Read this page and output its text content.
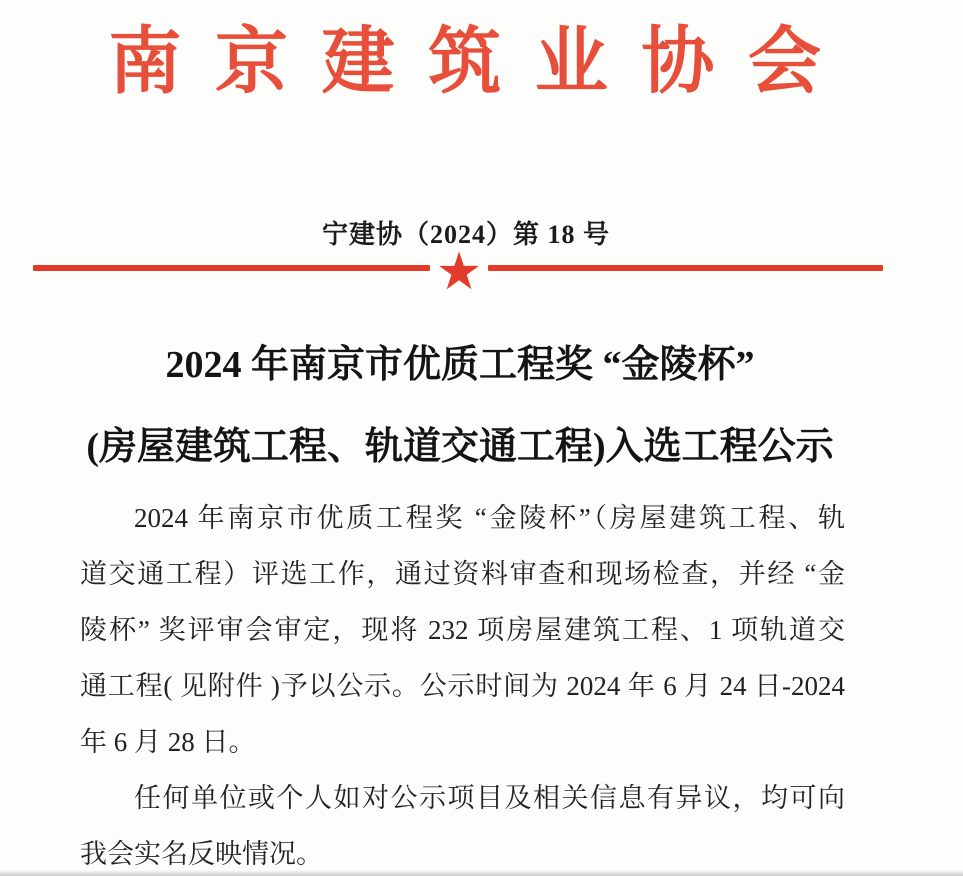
南京建筑业协会
宁建协（2024）第 18 号
★
2024 年南京市优质工程奖 “金陵杯”
(房屋建筑工程、轨道交通工程)入选工程公示
2024 年南京市优质工程奖 “金陵杯”（房屋建筑工程、轨
道交通工程）评选工作，通过资料审查和现场检查，并经 “金
陵杯” 奖评审会审定，现将 232 项房屋建筑工程、1 项轨道交
通工程( 见附件 )予以公示。公示时间为 2024 年 6 月 24 日-2024
年 6 月 28 日。
任何单位或个人如对公示项目及相关信息有异议，均可向
我会实名反映情况。
